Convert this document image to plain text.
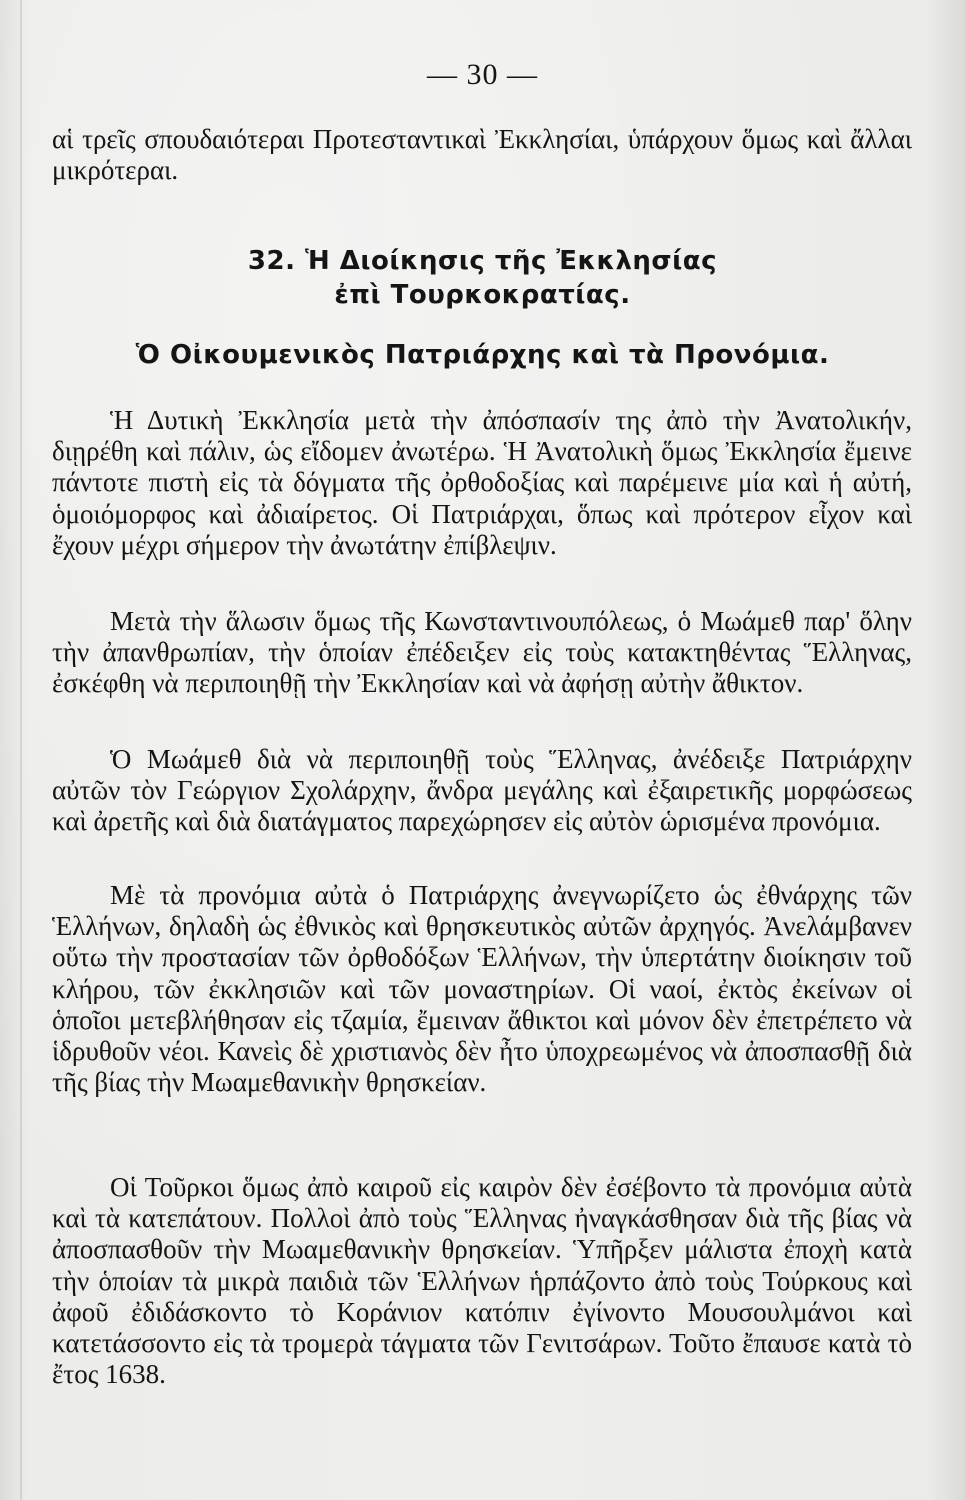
— 30 —

αἱ τρεῖς σπουδαιότεραι Προτεσταντικαὶ Ἐκκλησίαι, ὑπάρχουν ὅμως καὶ ἄλλαι μικρότεραι.

32. Ἡ Διοίκησις τῆς Ἐκκλησίας
ἐπὶ Τουρκοκρατίας.
Ὁ Οἰκουμενικὸς Πατριάρχης καὶ τὰ Προνόμια.

Ἡ Δυτικὴ Ἐκκλησία μετὰ τὴν ἀπόσπασίν της ἀπὸ τὴν Ἀνατολικήν, διῃρέθη καὶ πάλιν, ὡς εἴδομεν ἀνωτέρω. Ἡ Ἀνατολικὴ ὅμως Ἐκκλησία ἔμεινε πάντοτε πιστὴ εἰς τὰ δόγματα τῆς ὀρθοδοξίας καὶ παρέμεινε μία καὶ ἡ αὐτή, ὁμοιόμορφος καὶ ἀδιαίρετος. Οἱ Πατριάρχαι, ὅπως καὶ πρότερον εἶχον καὶ ἔχουν μέχρι σήμερον τὴν ἀνωτάτην ἐπίβλεψιν.

Μετὰ τὴν ἅλωσιν ὅμως τῆς Κωνσταντινουπόλεως, ὁ Μωάμεθ παρ' ὅλην τὴν ἀπανθρωπίαν, τὴν ὁποίαν ἐπέδειξεν εἰς τοὺς κατακτηθέντας Ἕλληνας, ἐσκέφθη νὰ περιποιηθῇ τὴν Ἐκκλησίαν καὶ νὰ ἀφήσῃ αὐτὴν ἄθικτον.

Ὁ Μωάμεθ διὰ νὰ περιποιηθῇ τοὺς Ἕλληνας, ἀνέδειξε Πατριάρχην αὐτῶν τὸν Γεώργιον Σχολάρχην, ἄνδρα μεγάλης καὶ ἐξαιρετικῆς μορφώσεως καὶ ἀρετῆς καὶ διὰ διατάγματος παρεχώρησεν εἰς αὐτὸν ὡρισμένα προνόμια.

Μὲ τὰ προνόμια αὐτὰ ὁ Πατριάρχης ἀνεγνωρίζετο ὡς ἐθνάρχης τῶν Ἑλλήνων, δηλαδὴ ὡς ἐθνικὸς καὶ θρησκευτικὸς αὐτῶν ἀρχηγός. Ἀνελάμβανεν οὕτω τὴν προστασίαν τῶν ὀρθοδόξων Ἑλλήνων, τὴν ὑπερτάτην διοίκησιν τοῦ κλήρου, τῶν ἐκκλησιῶν καὶ τῶν μοναστηρίων. Οἱ ναοί, ἐκτὸς ἐκείνων οἱ ὁποῖοι μετεβλήθησαν εἰς τζαμία, ἔμειναν ἄθικτοι καὶ μόνον δὲν ἐπετρέπετο νὰ ἱδρυθοῦν νέοι. Κανεὶς δὲ χριστιανὸς δὲν ἦτο ὑποχρεωμένος νὰ ἀποσπασθῇ διὰ τῆς βίας τὴν Μωαμεθανικὴν θρησκείαν.

Οἱ Τοῦρκοι ὅμως ἀπὸ καιροῦ εἰς καιρὸν δὲν ἐσέβοντο τὰ προνόμια αὐτὰ καὶ τὰ κατεπάτουν. Πολλοὶ ἀπὸ τοὺς Ἕλληνας ἠναγκάσθησαν διὰ τῆς βίας νὰ ἀποσπασθοῦν τὴν Μωαμεθανικὴν θρησκείαν. Ὑπῆρξεν μάλιστα ἐποχὴ κατὰ τὴν ὁποίαν τὰ μικρὰ παιδιὰ τῶν Ἑλλήνων ἡρπάζοντο ἀπὸ τοὺς Τούρκους καὶ ἀφοῦ ἐδιδάσκοντο τὸ Κοράνιον κατόπιν ἐγίνοντο Μουσουλμάνοι καὶ κατετάσσοντο εἰς τὰ τρομερὰ τάγματα τῶν Γενιτσάρων. Τοῦτο ἔπαυσε κατὰ τὸ ἔτος 1638.
